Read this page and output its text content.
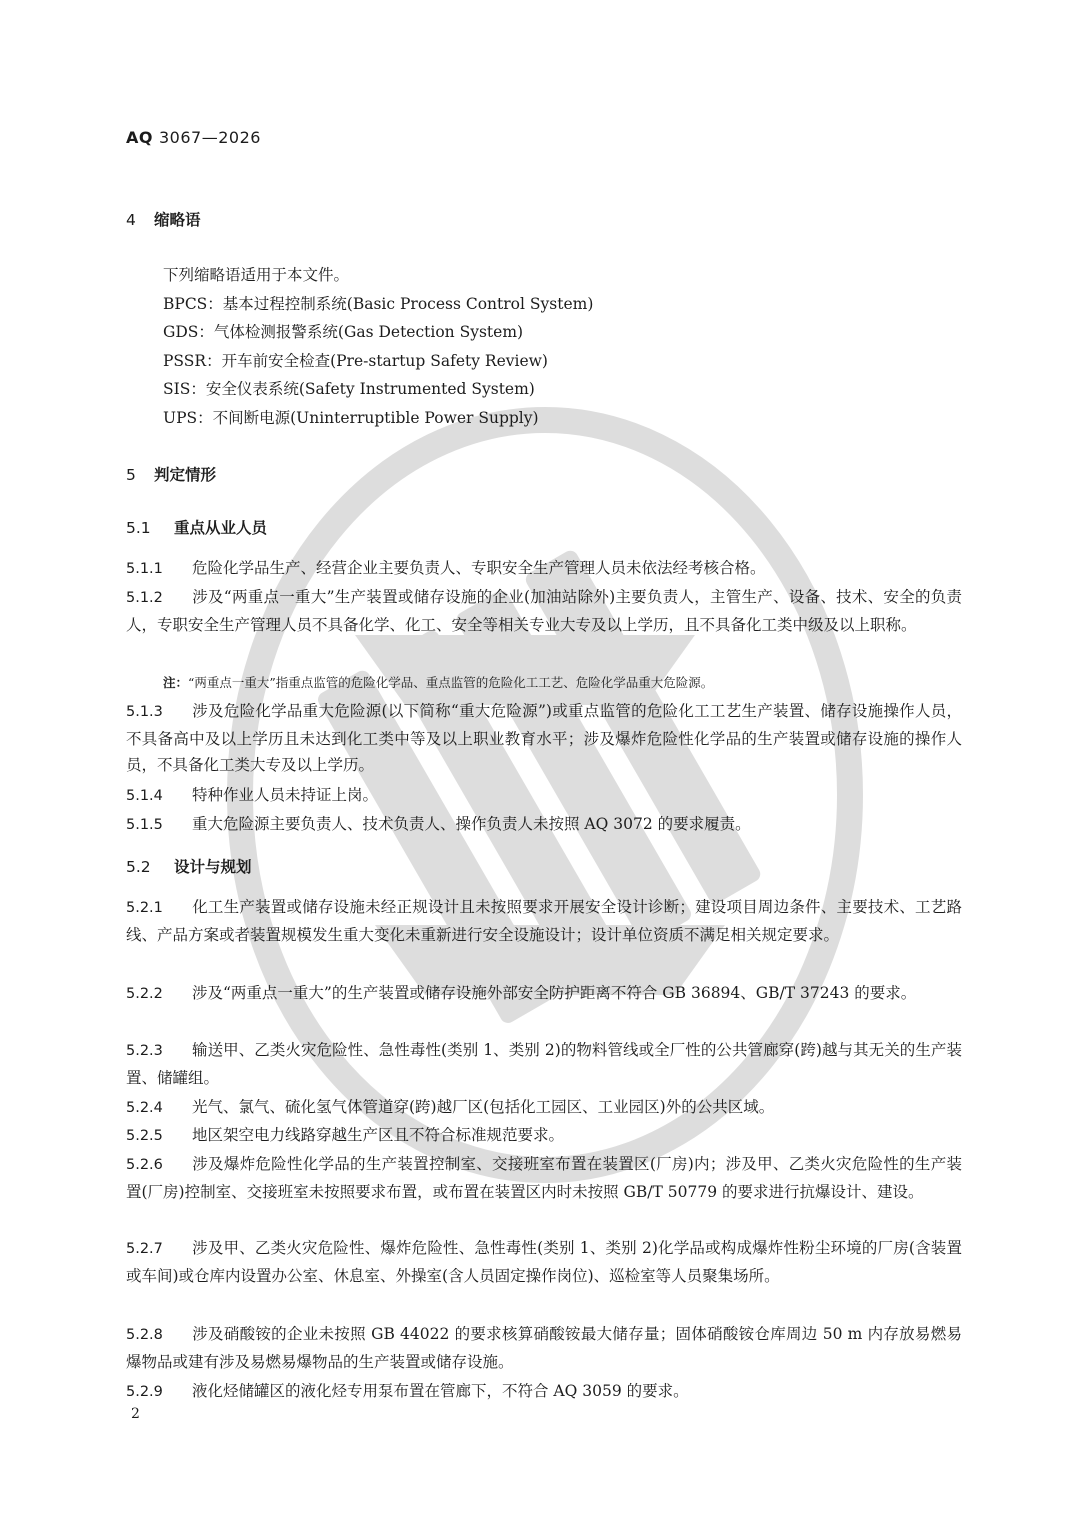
AQ 3067—2026
4 缩略语
下列缩略语适用于本文件。
BPCS：基本过程控制系统(Basic Process Control System)
GDS：气体检测报警系统(Gas Detection System)
PSSR：开车前安全检查(Pre-startup Safety Review)
SIS：安全仪表系统(Safety Instrumented System)
UPS：不间断电源(Uninterruptible Power Supply)
5 判定情形
5.1 重点从业人员
5.1.1 危险化学品生产、经营企业主要负责人、专职安全生产管理人员未依法经考核合格。
5.1.2 涉及“两重点一重大”生产装置或储存设施的企业(加油站除外)主要负责人，主管生产、设备、技术、安全的负责人，专职安全生产管理人员不具备化学、化工、安全等相关专业大专及以上学历，且不具备化工类中级及以上职称。
注：“两重点一重大”指重点监管的危险化学品、重点监管的危险化工工艺、危险化学品重大危险源。
5.1.3 涉及危险化学品重大危险源(以下简称“重大危险源”)或重点监管的危险化工工艺生产装置、储存设施操作人员，不具备高中及以上学历且未达到化工类中等及以上职业教育水平；涉及爆炸危险性化学品的生产装置或储存设施的操作人员，不具备化工类大专及以上学历。
5.1.4 特种作业人员未持证上岗。
5.1.5 重大危险源主要负责人、技术负责人、操作负责人未按照 AQ 3072 的要求履责。
5.2 设计与规划
5.2.1 化工生产装置或储存设施未经正规设计且未按照要求开展安全设计诊断；建设项目周边条件、主要技术、工艺路线、产品方案或者装置规模发生重大变化未重新进行安全设施设计；设计单位资质不满足相关规定要求。
5.2.2 涉及“两重点一重大”的生产装置或储存设施外部安全防护距离不符合 GB 36894、GB/T 37243 的要求。
5.2.3 输送甲、乙类火灾危险性、急性毒性(类别 1、类别 2)的物料管线或全厂性的公共管廊穿(跨)越与其无关的生产装置、储罐组。
5.2.4 光气、氯气、硫化氢气体管道穿(跨)越厂区(包括化工园区、工业园区)外的公共区域。
5.2.5 地区架空电力线路穿越生产区且不符合标准规范要求。
5.2.6 涉及爆炸危险性化学品的生产装置控制室、交接班室布置在装置区(厂房)内；涉及甲、乙类火灾危险性的生产装置(厂房)控制室、交接班室未按照要求布置，或布置在装置区内时未按照 GB/T 50779 的要求进行抗爆设计、建设。
5.2.7 涉及甲、乙类火灾危险性、爆炸危险性、急性毒性(类别 1、类别 2)化学品或构成爆炸性粉尘环境的厂房(含装置或车间)或仓库内设置办公室、休息室、外操室(含人员固定操作岗位)、巡检室等人员聚集场所。
5.2.8 涉及硝酸铵的企业未按照 GB 44022 的要求核算硝酸铵最大储存量；固体硝酸铵仓库周边 50 m 内存放易燃易爆物品或建有涉及易燃易爆物品的生产装置或储存设施。
5.2.9 液化烃储罐区的液化烃专用泵布置在管廊下，不符合 AQ 3059 的要求。
2
